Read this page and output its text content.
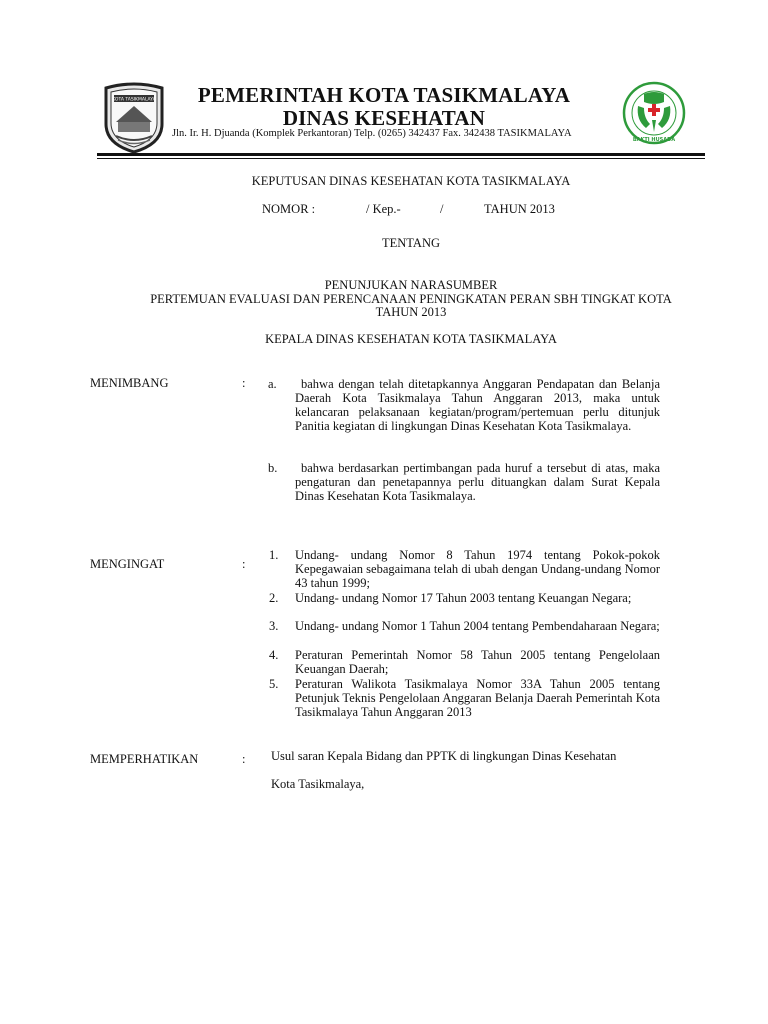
KOTA TASIKMALAYA
BAKTI HUSADA
PEMERINTAH KOTA TASIKMALAYA
DINAS KESEHATAN
Jln. Ir. H. Djuanda (Komplek Perkantoran) Telp. (0265) 342437 Fax. 342438 TASIKMALAYA
KEPUTUSAN DINAS KESEHATAN KOTA TASIKMALAYA
NOMOR :	/ Kep.-	/	TAHUN 2013
TENTANG
PENUNJUKAN NARASUMBER
PERTEMUAN EVALUASI DAN PERENCANAAN PENINGKATAN PERAN SBH TINGKAT KOTA
TAHUN 2013
KEPALA DINAS KESEHATAN KOTA TASIKMALAYA
MENIMBANG	: a.	bahwa dengan telah ditetapkannya Anggaran Pendapatan dan Belanja Daerah Kota Tasikmalaya Tahun Anggaran 2013, maka untuk kelancaran pelaksanaan kegiatan/program/pertemuan perlu ditunjuk Panitia kegiatan di lingkungan Dinas Kesehatan Kota Tasikmalaya.
b.	bahwa berdasarkan pertimbangan pada huruf a tersebut di atas, maka pengaturan dan penetapannya perlu dituangkan dalam Surat Kepala Dinas Kesehatan Kota Tasikmalaya.
MENGINGAT	:
1.	Undang- undang Nomor 8 Tahun 1974 tentang Pokok-pokok Kepegawaian sebagaimana telah di ubah dengan Undang-undang Nomor 43 tahun 1999;
2.	Undang- undang Nomor 17 Tahun 2003 tentang Keuangan Negara;
3.	Undang- undang Nomor 1 Tahun 2004 tentang Pembendaharaan Negara;
4.	Peraturan Pemerintah Nomor 58 Tahun 2005 tentang Pengelolaan Keuangan Daerah;
5.	Peraturan Walikota Tasikmalaya Nomor 33A Tahun 2005 tentang Petunjuk Teknis Pengelolaan Anggaran Belanja Daerah Pemerintah Kota Tasikmalaya Tahun Anggaran 2013
MEMPERHATIKAN	: Usul saran Kepala Bidang dan PPTK di lingkungan Dinas Kesehatan
Kota Tasikmalaya,
